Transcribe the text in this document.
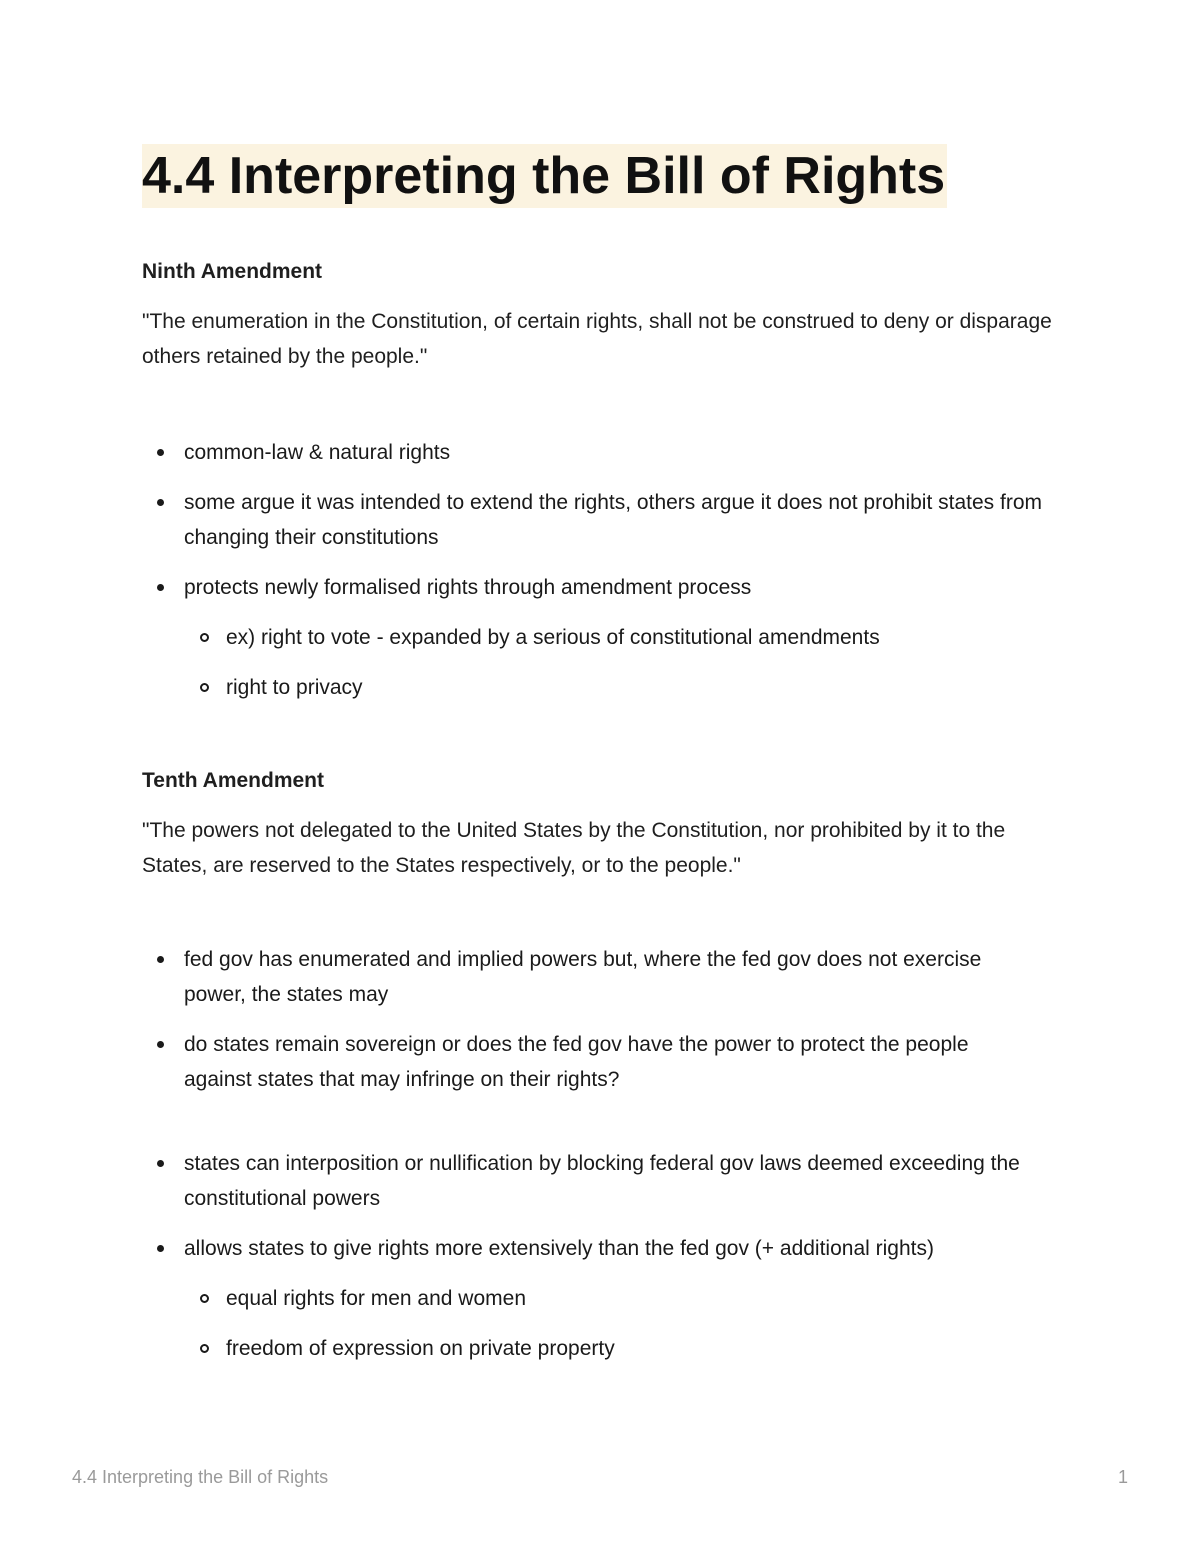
4.4 Interpreting the Bill of Rights
Ninth Amendment
"The enumeration in the Constitution, of certain rights, shall not be construed to deny or disparage others retained by the people."
common-law & natural rights
some argue it was intended to extend the rights, others argue it does not prohibit states from changing their constitutions
protects newly formalised rights through amendment process
ex) right to vote - expanded by a serious of constitutional amendments
right to privacy
Tenth Amendment
"The powers not delegated to the United States by the Constitution, nor prohibited by it to the States, are reserved to the States respectively, or to the people."
fed gov has enumerated and implied powers but, where the fed gov does not exercise power, the states may
do states remain sovereign or does the fed gov have the power to protect the people against states that may infringe on their rights?
states can interposition or nullification by blocking federal gov laws deemed exceeding the constitutional powers
allows states to give rights more extensively than the fed gov (+ additional rights)
equal rights for men and women
freedom of expression on private property
4.4 Interpreting the Bill of Rights	1
